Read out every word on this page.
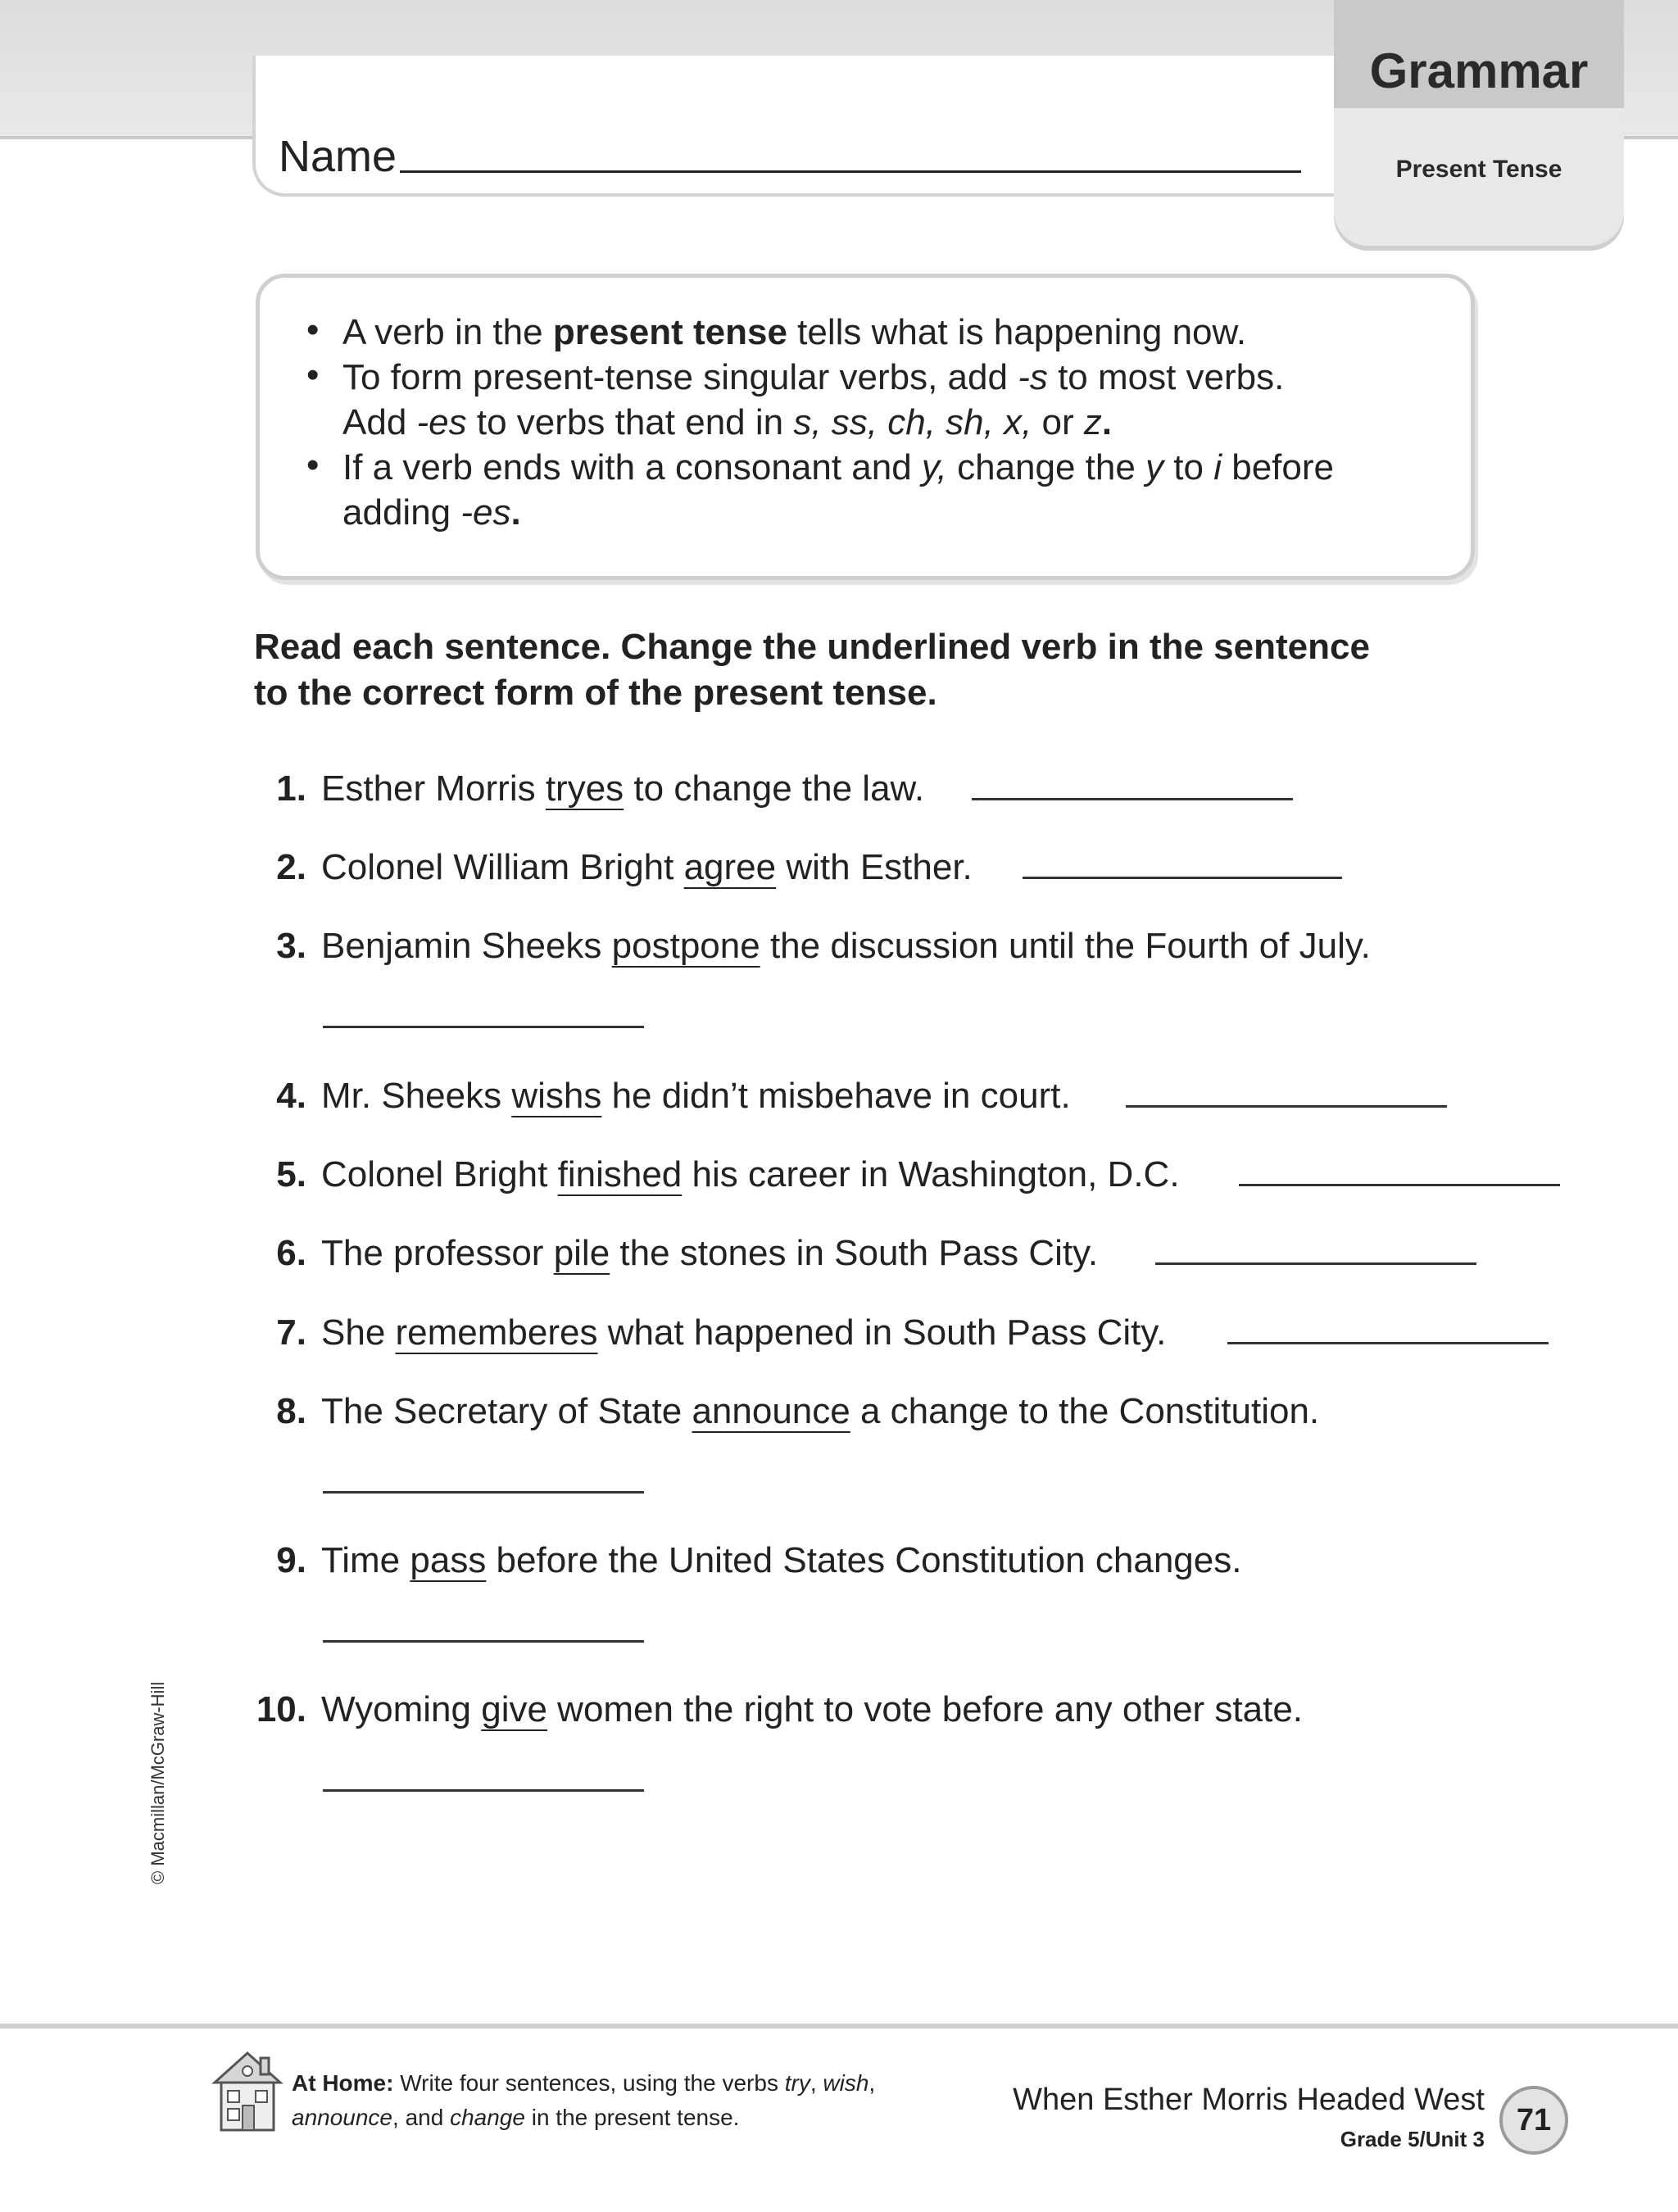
Name
Grammar
Present Tense
• A verb in the present tense tells what is happening now.
• To form present-tense singular verbs, add -s to most verbs.
Add -es to verbs that end in s, ss, ch, sh, x, or z.
• If a verb ends with a consonant and y, change the y to i before
adding -es.
Read each sentence. Change the underlined verb in the sentence
to the correct form of the present tense.
1. Esther Morris tryes to change the law.
2. Colonel William Bright agree with Esther.
3. Benjamin Sheeks postpone the discussion until the Fourth of July.
4. Mr. Sheeks wishs he didn’t misbehave in court.
5. Colonel Bright finished his career in Washington, D.C.
6. The professor pile the stones in South Pass City.
7. She rememberes what happened in South Pass City.
8. The Secretary of State announce a change to the Constitution.
9. Time pass before the United States Constitution changes.
10. Wyoming give women the right to vote before any other state.
© Macmillan/McGraw-Hill
At Home: Write four sentences, using the verbs try, wish,
announce, and change in the present tense.
When Esther Morris Headed West
Grade 5/Unit 3
71
